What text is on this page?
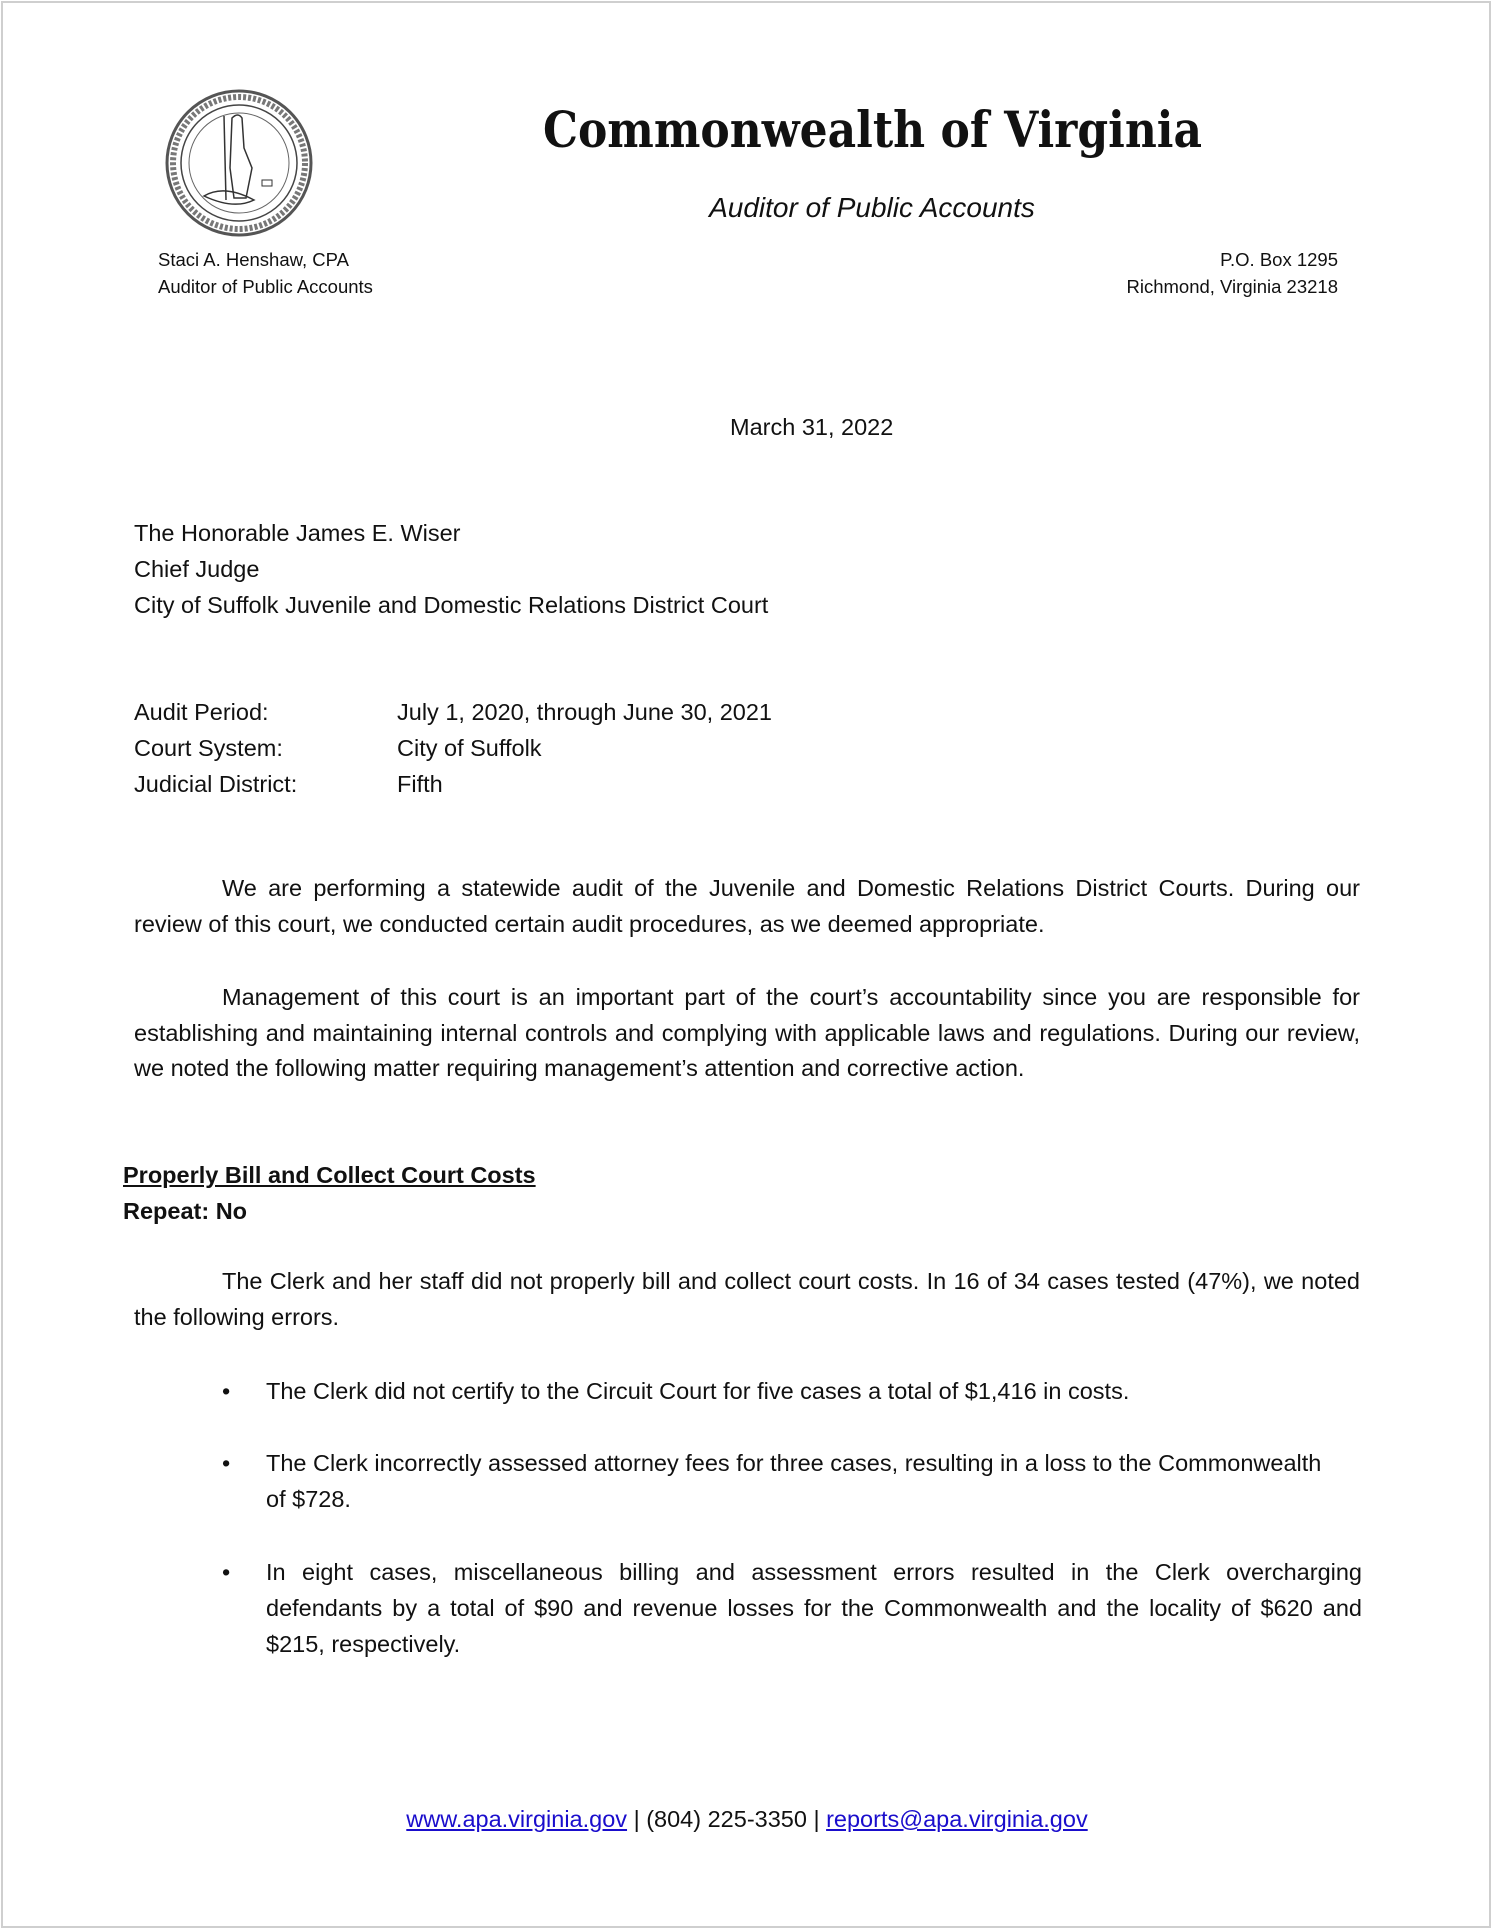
Commonwealth of Virginia
Auditor of Public Accounts
Staci A. Henshaw, CPA
Auditor of Public Accounts
P.O. Box 1295
Richmond, Virginia 23218
March 31, 2022
The Honorable James E. Wiser
Chief Judge
City of Suffolk Juvenile and Domestic Relations District Court
Audit Period:	July 1, 2020, through June 30, 2021
Court System:	City of Suffolk
Judicial District:	Fifth

We are performing a statewide audit of the Juvenile and Domestic Relations District Courts. During our review of this court, we conducted certain audit procedures, as we deemed appropriate.

Management of this court is an important part of the court’s accountability since you are responsible for establishing and maintaining internal controls and complying with applicable laws and regulations. During our review, we noted the following matter requiring management’s attention and corrective action.

Properly Bill and Collect Court Costs
Repeat: No

The Clerk and her staff did not properly bill and collect court costs. In 16 of 34 cases tested (47%), we noted the following errors.

• The Clerk did not certify to the Circuit Court for five cases a total of $1,416 in costs.
• The Clerk incorrectly assessed attorney fees for three cases, resulting in a loss to the Commonwealth of $728.
• In eight cases, miscellaneous billing and assessment errors resulted in the Clerk overcharging defendants by a total of $90 and revenue losses for the Commonwealth and the locality of $620 and $215, respectively.
www.apa.virginia.gov | (804) 225-3350 | reports@apa.virginia.gov
